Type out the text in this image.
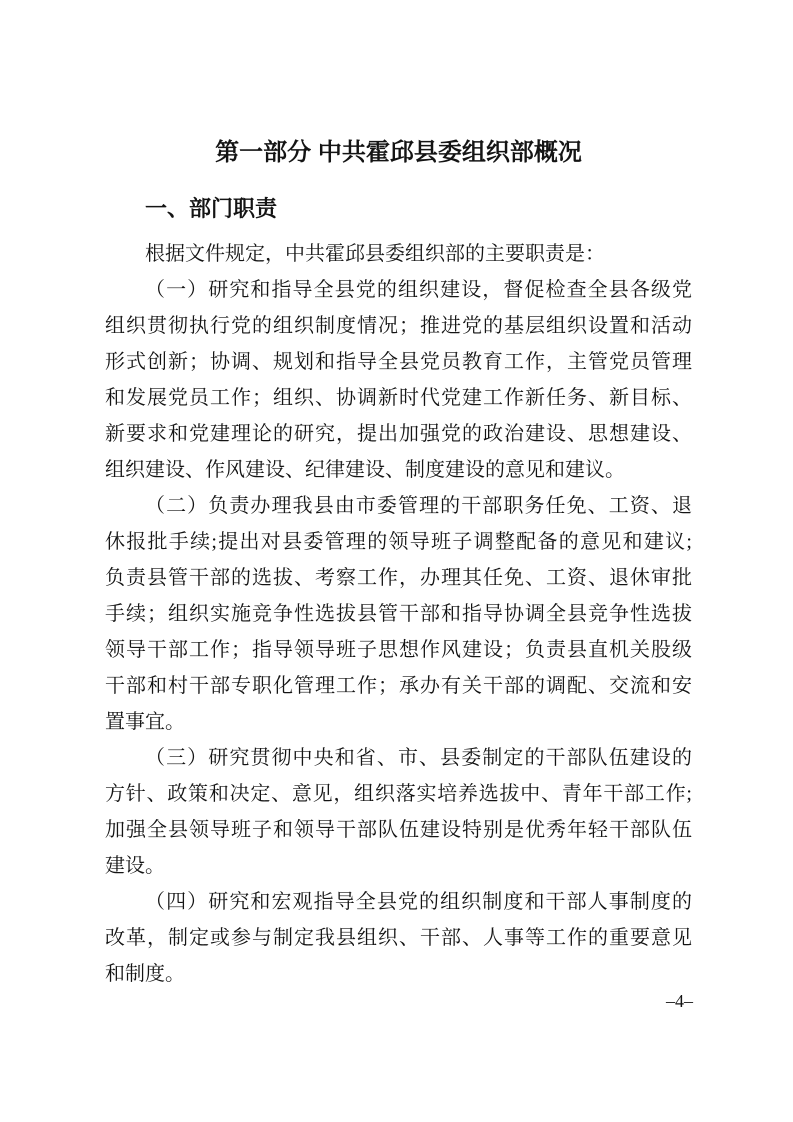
第一部分 中共霍邱县委组织部概况
一、部门职责

根据文件规定，中共霍邱县委组织部的主要职责是：

（一）研究和指导全县党的组织建设，督促检查全县各级党

组织贯彻执行党的组织制度情况；推进党的基层组织设置和活动

形式创新；协调、规划和指导全县党员教育工作，主管党员管理

和发展党员工作；组织、协调新时代党建工作新任务、新目标、

新要求和党建理论的研究，提出加强党的政治建设、思想建设、

组织建设、作风建设、纪律建设、制度建设的意见和建议。

（二）负责办理我县由市委管理的干部职务任免、工资、退

休报批手续;提出对县委管理的领导班子调整配备的意见和建议;

负责县管干部的选拔、考察工作，办理其任免、工资、退休审批

手续；组织实施竞争性选拔县管干部和指导协调全县竞争性选拔

领导干部工作；指导领导班子思想作风建设；负责县直机关股级

干部和村干部专职化管理工作；承办有关干部的调配、交流和安

置事宜。

（三）研究贯彻中央和省、市、县委制定的干部队伍建设的

方针、政策和决定、意见，组织落实培养选拔中、青年干部工作;

加强全县领导班子和领导干部队伍建设特别是优秀年轻干部队伍

建设。

（四）研究和宏观指导全县党的组织制度和干部人事制度的

改革，制定或参与制定我县组织、干部、人事等工作的重要意见

和制度。

–4–
